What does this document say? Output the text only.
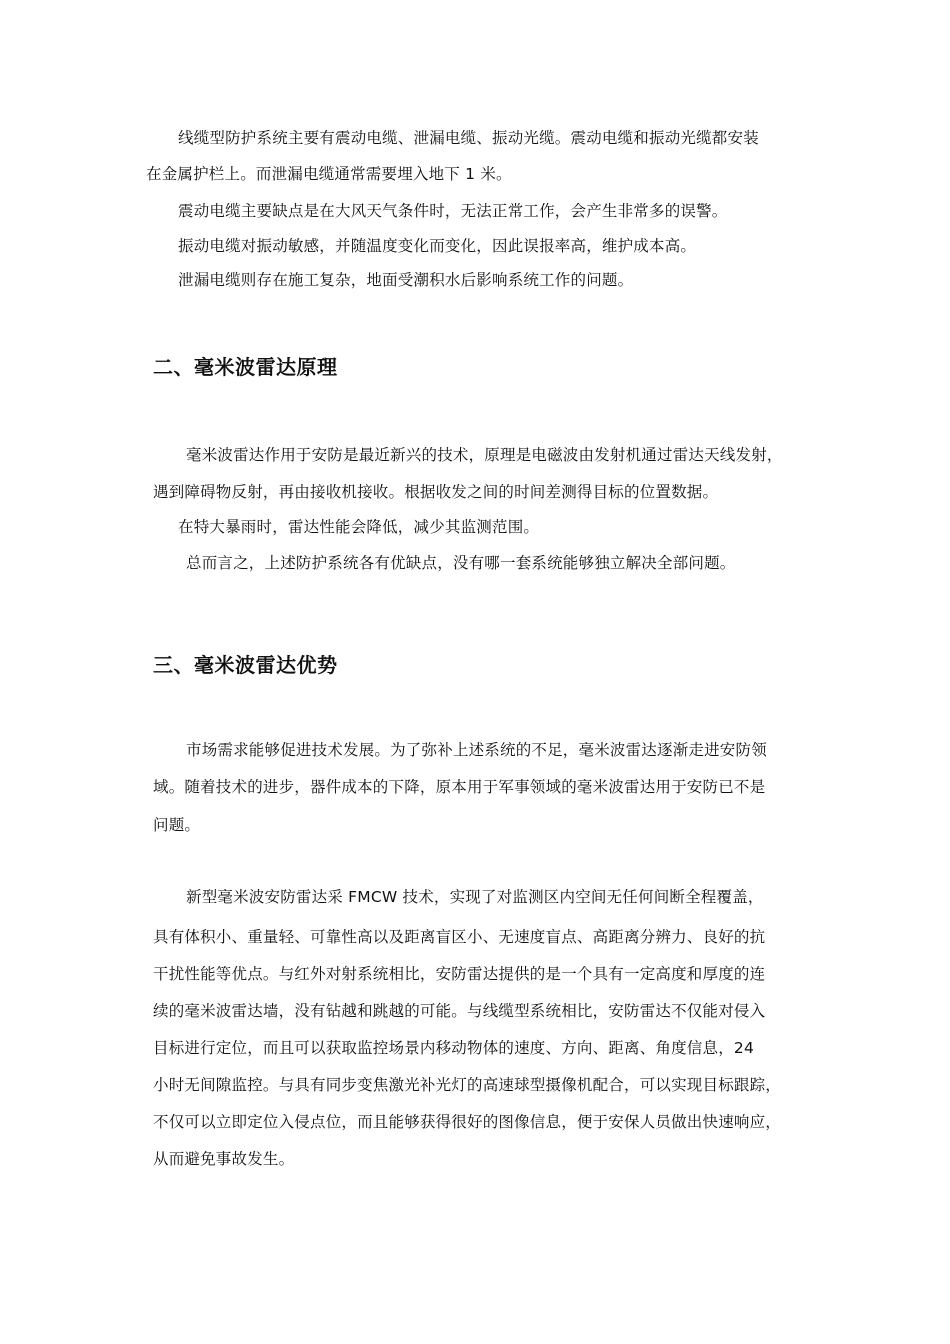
线缆型防护系统主要有震动电缆、泄漏电缆、振动光缆。震动电缆和振动光缆都安装
在金属护栏上。而泄漏电缆通常需要埋入地下 1 米。
震动电缆主要缺点是在大风天气条件时，无法正常工作，会产生非常多的误警。
振动电缆对振动敏感，并随温度变化而变化，因此误报率高，维护成本高。
泄漏电缆则存在施工复杂，地面受潮积水后影响系统工作的问题。
二、毫米波雷达原理
毫米波雷达作用于安防是最近新兴的技术，原理是电磁波由发射机通过雷达天线发射，
遇到障碍物反射，再由接收机接收。根据收发之间的时间差测得目标的位置数据。
在特大暴雨时，雷达性能会降低，减少其监测范围。
总而言之，上述防护系统各有优缺点，没有哪一套系统能够独立解决全部问题。
三、毫米波雷达优势
市场需求能够促进技术发展。为了弥补上述系统的不足，毫米波雷达逐渐走进安防领
域。随着技术的进步，器件成本的下降，原本用于军事领域的毫米波雷达用于安防已不是
问题。
新型毫米波安防雷达采 FMCW 技术，实现了对监测区内空间无任何间断全程覆盖，
具有体积小、重量轻、可靠性高以及距离盲区小、无速度盲点、高距离分辨力、良好的抗
干扰性能等优点。与红外对射系统相比，安防雷达提供的是一个具有一定高度和厚度的连
续的毫米波雷达墙，没有钻越和跳越的可能。与线缆型系统相比，安防雷达不仅能对侵入
目标进行定位，而且可以获取监控场景内移动物体的速度、方向、距离、角度信息，24
小时无间隙监控。与具有同步变焦激光补光灯的高速球型摄像机配合，可以实现目标跟踪，
不仅可以立即定位入侵点位，而且能够获得很好的图像信息，便于安保人员做出快速响应，
从而避免事故发生。
